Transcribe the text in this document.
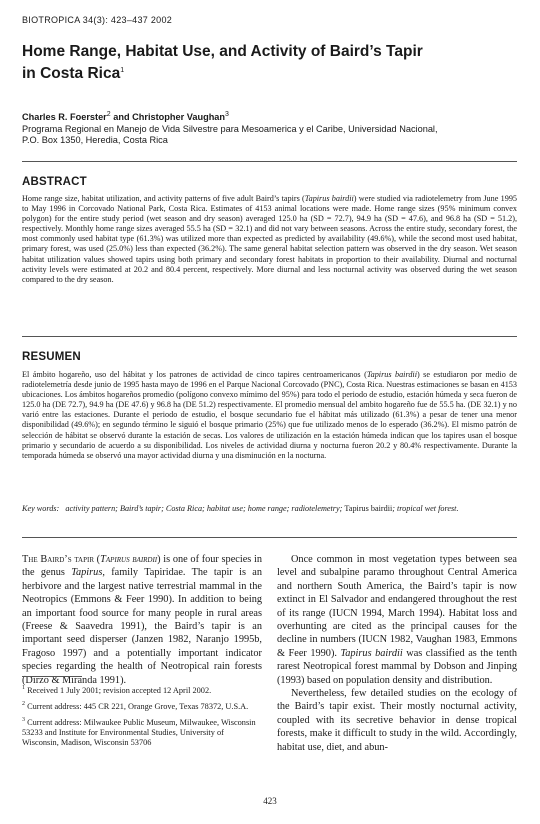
BIOTROPICA 34(3): 423–437 2002
Home Range, Habitat Use, and Activity of Baird’s Tapir
in Costa Rica$^1$
Charles R. Foerster$^2$ and Christopher Vaughan$^3$
Programa Regional en Manejo de Vida Silvestre para Mesoamerica y el Caribe, Universidad Nacional,
P.O. Box 1350, Heredia, Costa Rica
ABSTRACT
Home range size, habitat utilization, and activity patterns of five adult Baird’s tapirs (Tapirus bairdii) were studied via radiotelemetry from June 1995 to May 1996 in Corcovado National Park, Costa Rica. Estimates of 4153 animal locations were made. Home range sizes (95% minimum convex polygon) for the entire study period (wet season and dry season) averaged 125.0 ha (SD = 72.7), 94.9 ha (SD = 47.6), and 96.8 ha (SD = 51.2), respectively. Monthly home range sizes averaged 55.5 ha (SD = 32.1) and did not vary between seasons. Across the entire study, secondary forest, the most commonly used habitat type (61.3%) was utilized more than expected as predicted by availability (49.6%), while the second most used habitat, primary forest, was used (25.0%) less than expected (36.2%). The same general habitat selection pattern was observed in the dry season. Wet season habitat utilization values showed tapirs using both primary and secondary forest habitats in proportion to their availability. Diurnal and nocturnal activity levels were estimated at 20.2 and 80.4 percent, respectively. More diurnal and less nocturnal activity was observed during the wet season compared to the dry season.
RESUMEN
El ámbito hogareño, uso del hábitat y los patrones de actividad de cinco tapires centroamericanos (Tapirus bairdii) se estudiaron por medio de radiotelemetría desde junio de 1995 hasta mayo de 1996 en el Parque Nacional Corcovado (PNC), Costa Rica. Nuestras estimaciones se basan en 4153 ubicaciones. Los ámbitos hogareños promedio (polígono convexo mímimo del 95%) para todo el periodo de estudio, estación húmeda y seca fueron de 125.0 ha (DE 72.7), 94.9 ha (DE 47.6) y 96.8 ha (DE 51.2) respectivamente. El promedio mensual del ambito hogareño fue de 55.5 ha. (DE 32.1) y no varió entre las estaciones. Durante el periodo de estudio, el bosque secundario fue el hábitat más utilizado (61.3%) a pesar de tener una menor disponibilidad (49.6%); en segundo término le siguió el bosque primario (25%) que fue utilizado menos de lo esperado (36.2%). El mismo patrón de selección de hábitat se observó durante la estación de secas. Los valores de utilización en la estación húmeda indican que los tapires usan el bosque primario y secundario de acuerdo a su disponibilidad. Los niveles de actividad diurna y nocturna fueron 20.2 y 80.4% respectivamente. Durante la temporada húmeda se observó una mayor actividad diurna y una disminución en la nocturna.
Key words: activity pattern; Baird’s tapir; Costa Rica; habitat use; home range; radiotelemetry; Tapirus bairdii; tropical wet forest.

The Baird’s tapir (Tapirus bairdii) is one of four species in the genus Tapirus, family Tapiridae. The tapir is an herbivore and the largest native terrestrial mammal in the Neotropics (Emmons & Feer 1990). In addition to being an important food source for many people in rural areas (Freese & Saavedra 1991), the Baird’s tapir is an important seed disperser (Janzen 1982, Naranjo 1995b, Fragoso 1997) and a potentially important indicator species regarding the health of Neotropical rain forests (Dirzo & Miranda 1991).

$^1$ Received 1 July 2001; revision accepted 12 April 2002.

$^2$ Current address: 445 CR 221, Orange Grove, Texas 78372, U.S.A.

$^3$ Current address: Milwaukee Public Museum, Milwaukee, Wisconsin 53233 and Institute for Environmental Studies, University of Wisconsin, Madison, Wisconsin 53706

Once common in most vegetation types between sea level and subalpine paramo throughout Central America and northern South America, the Baird’s tapir is now extinct in El Salvador and endangered throughout the rest of its range (IUCN 1994, March 1994). Habitat loss and overhunting are cited as the principal causes for the decline in numbers (IUCN 1982, Vaughan 1983, Emmons & Feer 1990). Tapirus bairdii was classified as the tenth rarest Neotropical forest mammal by Dobson and Jinping (1993) based on population density and distribution.

Nevertheless, few detailed studies on the ecology of the Baird’s tapir exist. Their mostly nocturnal activity, coupled with its secretive behavior in dense tropical forests, make it difficult to study in the wild. Accordingly, habitat use, diet, and abun-

423
